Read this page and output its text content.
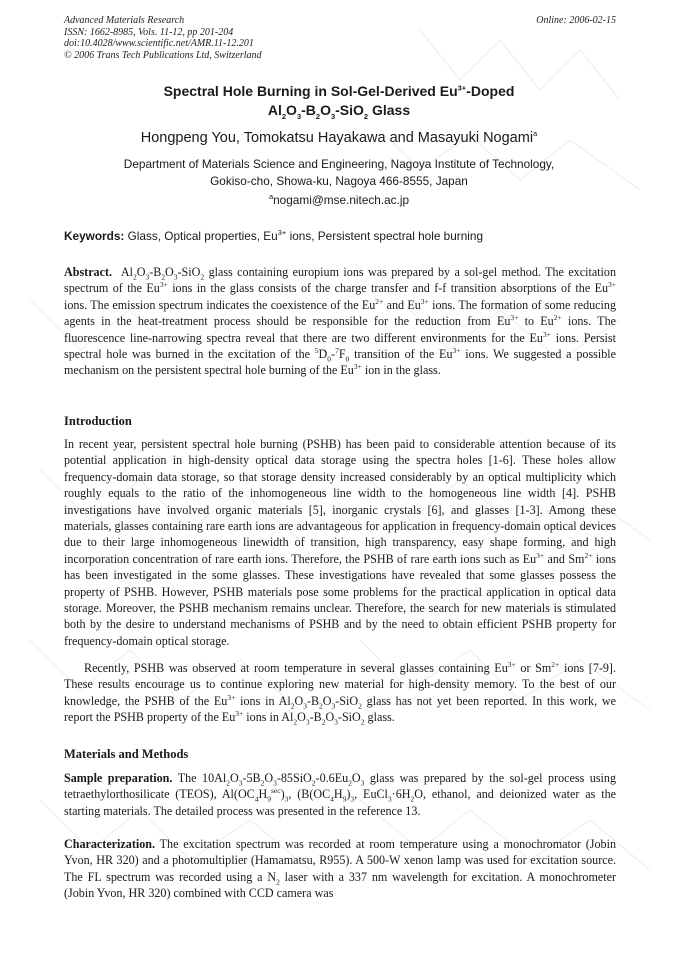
Advanced Materials Research
ISSN: 1662-8985, Vols. 11-12, pp 201-204
doi:10.4028/www.scientific.net/AMR.11-12.201
© 2006 Trans Tech Publications Ltd, Switzerland
Online: 2006-02-15
Spectral Hole Burning in Sol-Gel-Derived $Eu^{3+}$-Doped
$Al_2O_3-B_2O_3-SiO_2$ Glass
Hongpeng You, Tomokatsu Hayakawa and Masayuki Nogami$^a$
Department of Materials Science and Engineering, Nagoya Institute of Technology,
Gokiso-cho, Showa-ku, Nagoya 466-8555, Japan
$^a$nogami@mse.nitech.ac.jp
Keywords: Glass, Optical properties, $Eu^{3+}$ ions, Persistent spectral hole burning
Abstract.  $Al_2O_3-B_2O_3-SiO_2$ glass containing europium ions was prepared by a sol-gel method. The excitation spectrum of the $Eu^{3+}$ ions in the glass consists of the charge transfer and f-f transition absorptions of the $Eu^{3+}$ ions. The emission spectrum indicates the coexistence of the $Eu^{2+}$ and $Eu^{3+}$ ions. The formation of some reducing agents in the heat-treatment process should be responsible for the reduction from $Eu^{3+}$ to $Eu^{2+}$ ions. The fluorescence line-narrowing spectra reveal that there are two different environments for the $Eu^{3+}$ ions. Persist spectral hole was burned in the excitation of the $^5D_0-^7F_0$ transition of the $Eu^{3+}$ ions. We suggested a possible mechanism on the persistent spectral hole burning of the $Eu^{3+}$ ion in the glass.
Introduction
In recent year, persistent spectral hole burning (PSHB) has been paid to considerable attention because of its potential application in high-density optical data storage using the spectra holes [1-6]. These holes allow frequency-domain data storage, so that storage density increased considerably by an optical multiplicity which roughly equals to the ratio of the inhomogeneous line width to the homogeneous line width [4]. PSHB investigations have involved organic materials [5], inorganic crystals [6], and glasses [1-3]. Among these materials, glasses containing rare earth ions are advantageous for application in frequency-domain optical devices due to their large inhomogeneous linewidth of transition, high transparency, easy shape forming, and high incorporation concentration of rare earth ions. Therefore, the PSHB of rare earth ions such as $Eu^{3+}$ and $Sm^{2+}$ ions has been investigated in the some glasses. These investigations have revealed that some glasses possess the property of PSHB. However, PSHB materials pose some problems for the practical application in optical data storage. Moreover, the PSHB mechanism remains unclear. Therefore, the search for new materials is stimulated both by the desire to understand mechanisms of PSHB and by the need to obtain efficient PSHB property for frequency-domain optical storage.
Recently, PSHB was observed at room temperature in several glasses containing $Eu^{3+}$ or $Sm^{2+}$ ions [7-9]. These results encourage us to continue exploring new material for high-density memory. To the best of our knowledge, the PSHB of the $Eu^{3+}$ ions in $Al_2O_3-B_2O_3-SiO_2$ glass has not yet been reported. In this work, we report the PSHB property of the $Eu^{3+}$ ions in $Al_2O_3-B_2O_3-SiO_2$ glass.
Materials and Methods
Sample preparation. The $10Al_2O_3-5B_2O_3-85SiO_2-0.6Eu_2O_3$ glass was prepared by the sol-gel process using tetraethylorthosilicate (TEOS), $Al(OC_4H_9^{sec})_3$, ($B(OC_4H_9)_3$, $EuCl_3\cdot 6H_2O$, ethanol, and deionized water as the starting materials. The detailed process was presented in the reference 13.
Characterization. The excitation spectrum was recorded at room temperature using a monochromator (Jobin Yvon, HR 320) and a photomultiplier (Hamamatsu, R955). A 500-W xenon lamp was used for excitation source. The FL spectrum was recorded using a $N_2$ laser with a 337 nm wavelength for excitation. A monochrometer (Jobin Yvon, HR 320) combined with CCD camera was
